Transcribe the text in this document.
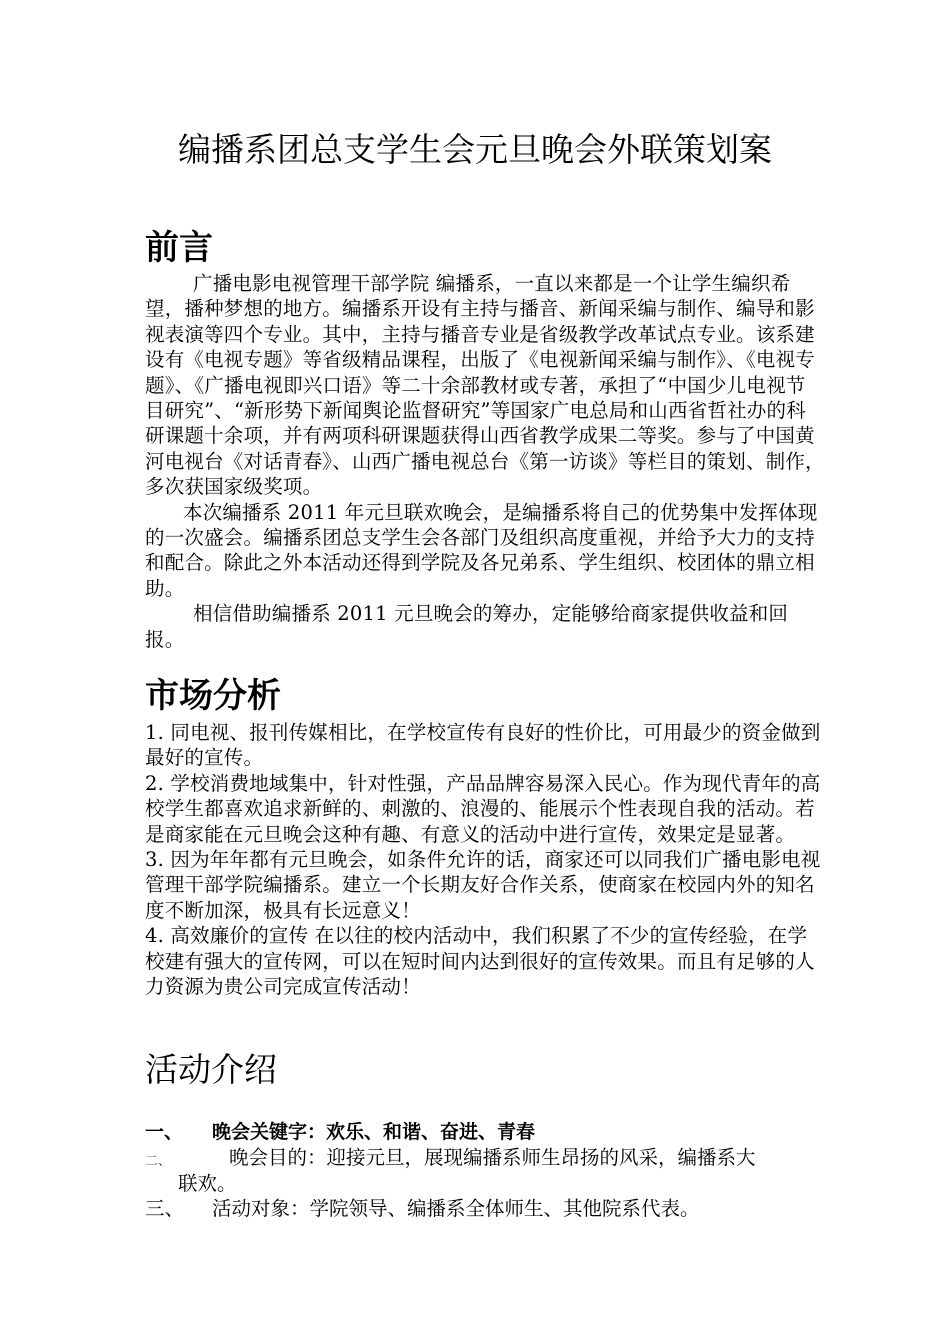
编播系团总支学生会元旦晚会外联策划案
前言

广播电影电视管理干部学院 编播系，一直以来都是一个让学生编织希望，播种梦想的地方。编播系开设有主持与播音、新闻采编与制作、编导和影视表演等四个专业。其中，主持与播音专业是省级教学改革试点专业。该系建设有《电视专题》等省级精品课程，出版了《电视新闻采编与制作》、《电视专题》、《广播电视即兴口语》等二十余部教材或专著，承担了“中国少儿电视节目研究”、“新形势下新闻舆论监督研究”等国家广电总局和山西省哲社办的科研课题十余项，并有两项科研课题获得山西省教学成果二等奖。参与了中国黄河电视台《对话青春》、山西广播电视总台《第一访谈》等栏目的策划、制作，多次获国家级奖项。

本次编播系 2011 年元旦联欢晚会，是编播系将自己的优势集中发挥体现的一次盛会。编播系团总支学生会各部门及组织高度重视，并给予大力的支持和配合。除此之外本活动还得到学院及各兄弟系、学生组织、校团体的鼎立相助。

相信借助编播系 2011 元旦晚会的筹办，定能够给商家提供收益和回报。

市场分析

1. 同电视、报刊传媒相比，在学校宣传有良好的性价比，可用最少的资金做到最好的宣传。

2. 学校消费地域集中，针对性强，产品品牌容易深入民心。作为现代青年的高校学生都喜欢追求新鲜的、刺激的、浪漫的、能展示个性表现自我的活动。若是商家能在元旦晚会这种有趣、有意义的活动中进行宣传，效果定是显著。

3. 因为年年都有元旦晚会，如条件允许的话，商家还可以同我们广播电影电视管理干部学院编播系。建立一个长期友好合作关系，使商家在校园内外的知名度不断加深，极具有长远意义！

4. 高效廉价的宣传 在以往的校内活动中，我们积累了不少的宣传经验，在学校建有强大的宣传网，可以在短时间内达到很好的宣传效果。而且有足够的人力资源为贵公司完成宣传活动！

活动介绍
一、	晚会关键字：欢乐、和谐、奋进、青春
二、	晚会目的：迎接元旦，展现编播系师生昂扬的风采，编播系大
联欢。
三、	活动对象：学院领导、编播系全体师生、其他院系代表。
